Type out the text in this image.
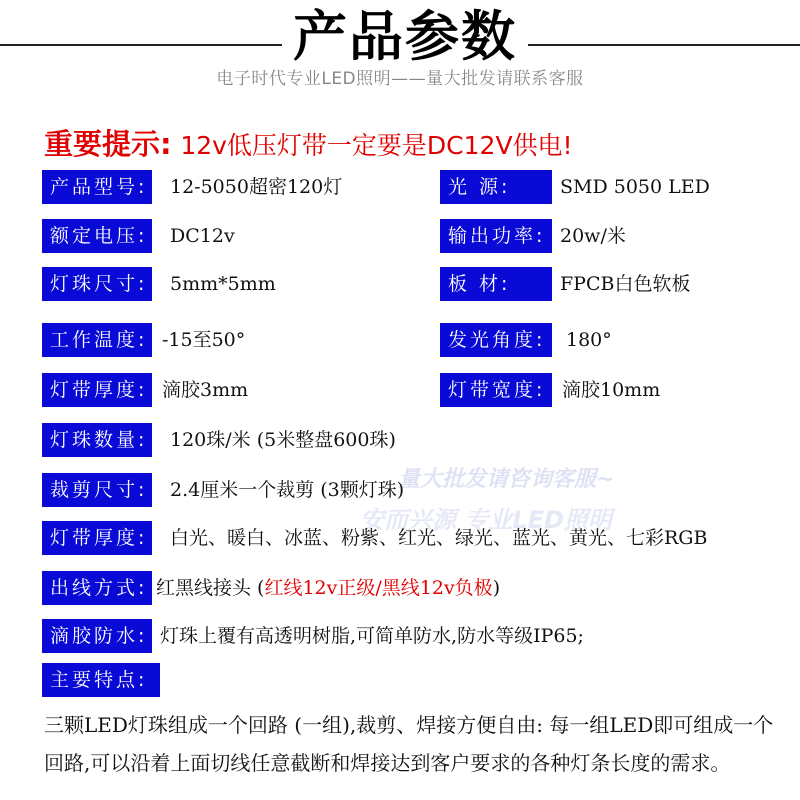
产品参数
电子时代专业LED照明——量大批发请联系客服
重要提示: 12v低压灯带一定要是DC12V供电!
量大批发请咨询客服~
安而兴源 专业LED照明
产品型号: 12-5050超密120灯	光 源:	SMD 5050 LED
额定电压: DC12v	输出功率: 20w/米
灯珠尺寸: 5mm*5mm	板 材:	FPCB白色软板
工作温度: -15至50°	发光角度:	180°
灯带厚度: 滴胶3mm	灯带宽度: 滴胶10mm
灯珠数量: 120珠/米 (5米整盘600珠)
裁剪尺寸: 2.4厘米一个裁剪 (3颗灯珠)
灯带厚度: 白光、暖白、冰蓝、粉紫、红光、绿光、蓝光、黄光、七彩RGB
出线方式: 红黑线接头 (红线12v正级/黑线12v负极)
滴胶防水: 灯珠上覆有高透明树脂,可简单防水,防水等级IP65;
主要特点:
三颗LED灯珠组成一个回路 (一组),裁剪、焊接方便自由: 每一组LED即可组成一个回路,可以沿着上面切线任意截断和焊接达到客户要求的各种灯条长度的需求。
